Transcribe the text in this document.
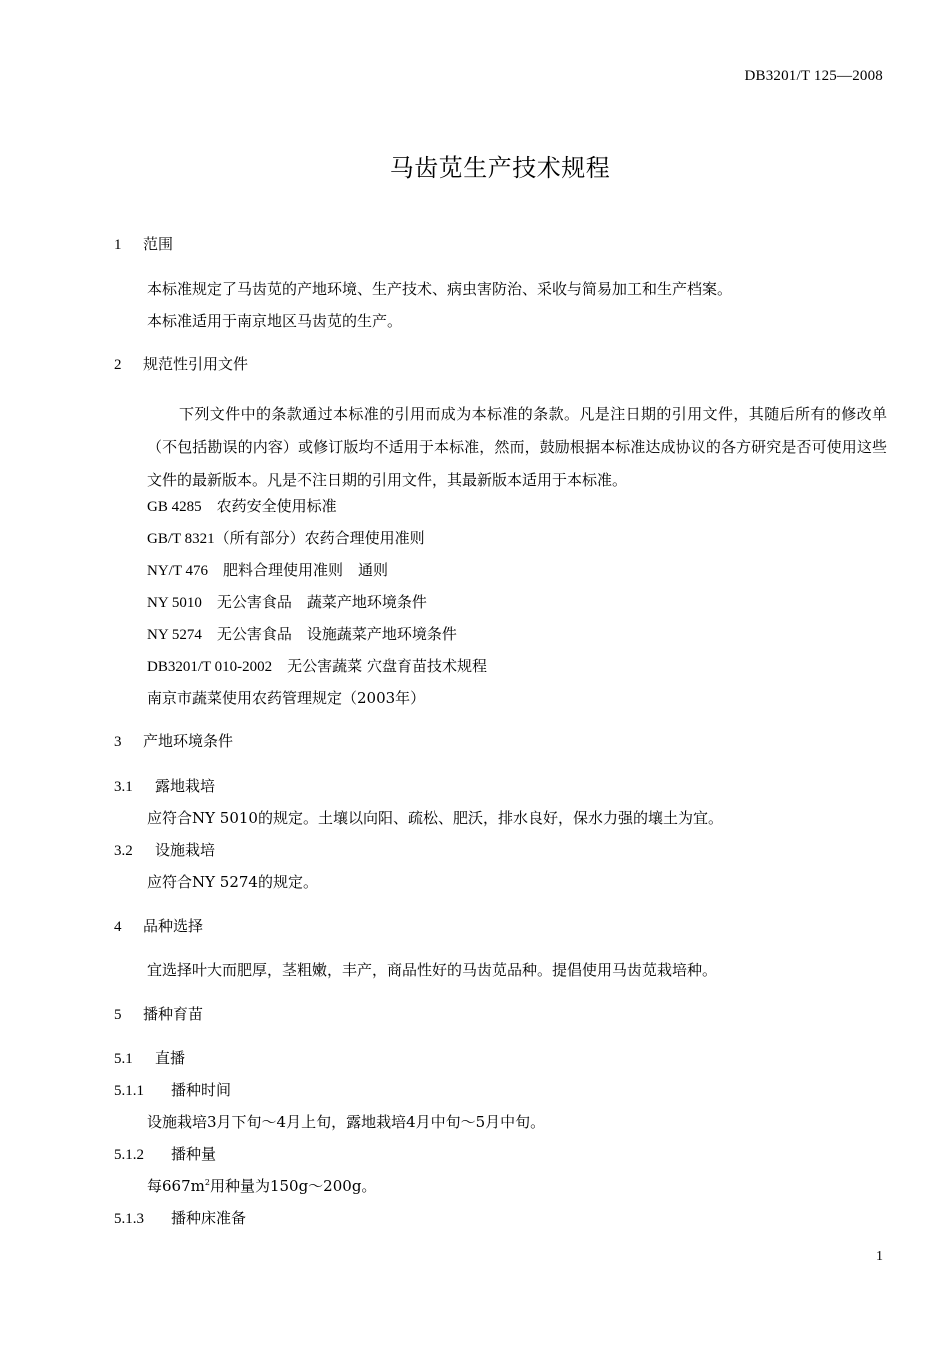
DB3201/T 125—2008
马齿苋生产技术规程
1 范围
本标准规定了马齿苋的产地环境、生产技术、病虫害防治、采收与简易加工和生产档案。
本标准适用于南京地区马齿苋的生产。
2 规范性引用文件
下列文件中的条款通过本标准的引用而成为本标准的条款。凡是注日期的引用文件，其随后所有的修改单（不包括勘误的内容）或修订版均不适用于本标准，然而，鼓励根据本标准达成协议的各方研究是否可使用这些文件的最新版本。凡是不注日期的引用文件，其最新版本适用于本标准。
GB 4285　 农药安全使用标准
GB/T 8321（所有部分）农药合理使用准则
NY/T 476　 肥料合理使用准则　通则
NY 5010　 无公害食品　蔬菜产地环境条件
NY 5274　 无公害食品　设施蔬菜产地环境条件
DB3201/T 010-2002　 无公害蔬菜 穴盘育苗技术规程
南京市蔬菜使用农药管理规定（2003年）
3 产地环境条件
3.1 露地栽培
应符合NY 5010的规定。土壤以向阳、疏松、肥沃，排水良好，保水力强的壤土为宜。
3.2 设施栽培
应符合NY 5274的规定。
4 品种选择
宜选择叶大而肥厚，茎粗嫩，丰产，商品性好的马齿苋品种。提倡使用马齿苋栽培种。
5 播种育苗
5.1 直播
5.1.1 播种时间
设施栽培3月下旬～4月上旬，露地栽培4月中旬～5月中旬。
5.1.2 播种量
每$667m^2$用种量为150g～200g。
5.1.3 播种床准备
1
